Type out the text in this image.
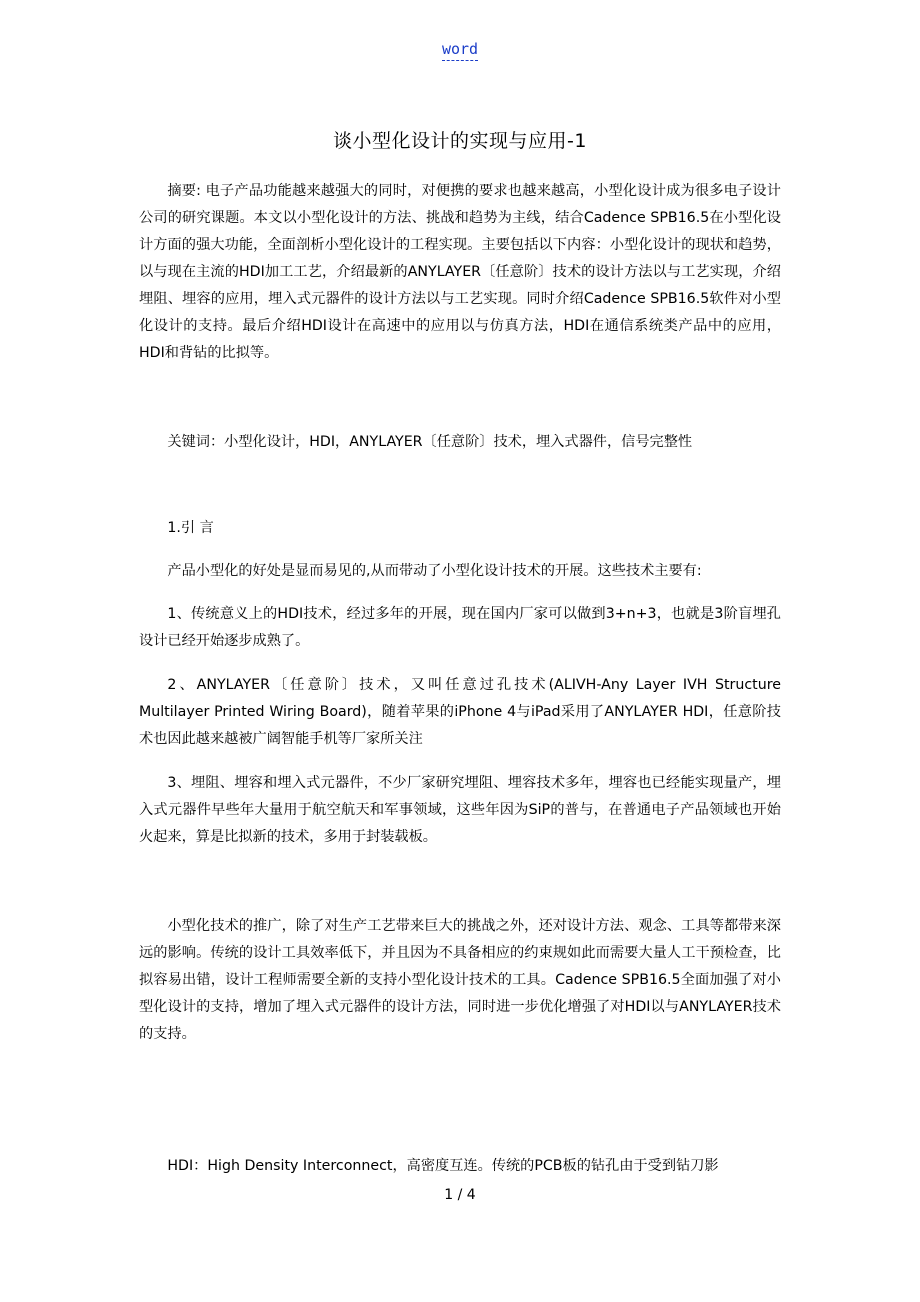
word
谈小型化设计的实现与应用-1

摘要: 电子产品功能越来越强大的同时，对便携的要求也越来越高，小型化设计成为很多电子设计公司的研究课题。本文以小型化设计的方法、挑战和趋势为主线，结合Cadence SPB16.5在小型化设计方面的强大功能，全面剖析小型化设计的工程实现。主要包括以下内容：小型化设计的现状和趋势，以与现在主流的HDI加工工艺，介绍最新的ANYLAYER〔任意阶〕技术的设计方法以与工艺实现，介绍埋阻、埋容的应用，埋入式元器件的设计方法以与工艺实现。同时介绍Cadence SPB16.5软件对小型化设计的支持。最后介绍HDI设计在高速中的应用以与仿真方法，HDI在通信系统类产品中的应用，HDI和背钻的比拟等。

关键词：小型化设计，HDI，ANYLAYER〔任意阶〕技术，埋入式器件，信号完整性

1.引 言

产品小型化的好处是显而易见的,从而带动了小型化设计技术的开展。这些技术主要有:

1、传统意义上的HDI技术，经过多年的开展，现在国内厂家可以做到3+n+3，也就是3阶盲埋孔设计已经开始逐步成熟了。

2、ANYLAYER〔任意阶〕技术，又叫任意过孔技术(ALIVH-Any Layer IVH Structure Multilayer Printed Wiring Board)，随着苹果的iPhone 4与iPad采用了ANYLAYER HDI，任意阶技术也因此越来越被广阔智能手机等厂家所关注

3、埋阻、埋容和埋入式元器件，不少厂家研究埋阻、埋容技术多年，埋容也已经能实现量产，埋入式元器件早些年大量用于航空航天和军事领域，这些年因为SiP的普与，在普通电子产品领域也开始火起来，算是比拟新的技术，多用于封装载板。

小型化技术的推广，除了对生产工艺带来巨大的挑战之外，还对设计方法、观念、工具等都带来深远的影响。传统的设计工具效率低下，并且因为不具备相应的约束规如此而需要大量人工干预检查，比拟容易出错，设计工程师需要全新的支持小型化设计技术的工具。Cadence SPB16.5全面加强了对小型化设计的支持，增加了埋入式元器件的设计方法，同时进一步优化增强了对HDI以与ANYLAYER技术的支持。

HDI：High Density Interconnect，高密度互连。传统的PCB板的钻孔由于受到钻刀影

1 / 4
